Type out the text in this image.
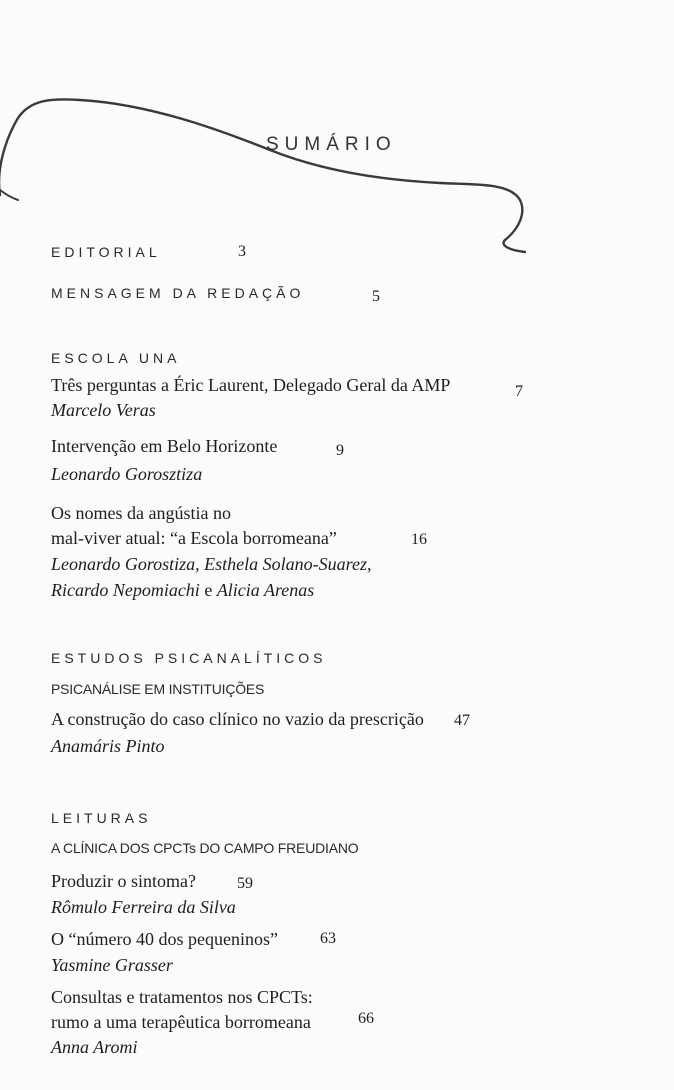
SUMÁRIO
EDITORIAL	3
MENSAGEM DA REDAÇÃO	5
ESCOLA UNA
Três perguntas a Éric Laurent, Delegado Geral da AMP	7
Marcelo Veras
Intervenção em Belo Horizonte	9
Leonardo Gorosztiza
Os nomes da angústia no
mal-viver atual: “a Escola borromeana”	16
Leonardo Gorostiza, Esthela Solano-Suarez,
Ricardo Nepomiachi e Alicia Arenas
ESTUDOS PSICANALÍTICOS
PSICANÁLISE EM INSTITUIÇÕES
A construção do caso clínico no vazio da prescrição 47
Anamáris Pinto
LEITURAS
A CLÍNICA DOS CPCTs DO CAMPO FREUDIANO
Produzir o sintoma?	59
Rômulo Ferreira da Silva
O “número 40 dos pequeninos”	63
Yasmine Grasser
Consultas e tratamentos nos CPCTs:
rumo a uma terapêutica borromeana	66
Anna Aromi
